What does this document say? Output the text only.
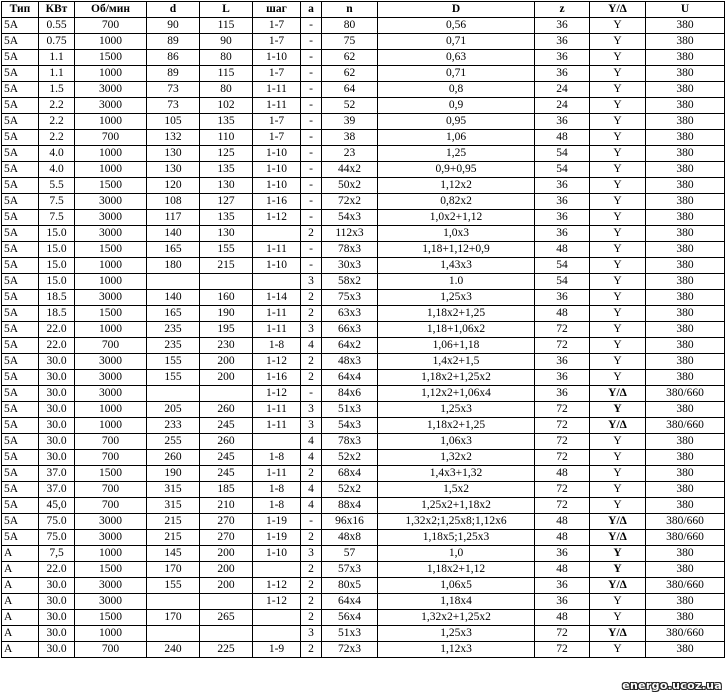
Тип	КВт	Об/мин	d	L	шаг	a	n	D	z	Y/Δ	U
5А	0.55	700	90	115	1-7	-	80	0,56	36	Y	380
5А	0.75	1000	89	90	1-7	-	75	0,71	36	Y	380
5А	1.1	1500	86	80	1-10	-	62	0,63	36	Y	380
5А	1.1	1000	89	115	1-7	-	62	0,71	36	Y	380
5А	1.5	3000	73	80	1-11	-	64	0,8	24	Y	380
5А	2.2	3000	73	102	1-11	-	52	0,9	24	Y	380
5А	2.2	1000	105	135	1-7	-	39	0,95	36	Y	380
5А	2.2	700	132	110	1-7	-	38	1,06	48	Y	380
5А	4.0	1000	130	125	1-10	-	23	1,25	54	Y	380
5А	4.0	1000	130	135	1-10	-	44x2	0,9+0,95	54	Y	380
5А	5.5	1500	120	130	1-10	-	50x2	1,12x2	36	Y	380
5А	7.5	3000	108	127	1-16	-	72x2	0,82x2	36	Y	380
5А	7.5	3000	117	135	1-12	-	54x3	1,0x2+1,12	36	Y	380
5А	15.0	3000	140	130		2	112x3	1,0x3	36	Y	380
5А	15.0	1500	165	155	1-11	-	78x3	1,18+1,12+0,9	48	Y	380
5А	15.0	1000	180	215	1-10	-	30x3	1,43x3	54	Y	380
5А	15.0	1000				3	58x2	1.0	54	Y	380
5А	18.5	3000	140	160	1-14	2	75x3	1,25x3	36	Y	380
5А	18.5	1500	165	190	1-11	2	63x3	1,18x2+1,25	48	Y	380
5А	22.0	1000	235	195	1-11	3	66x3	1,18+1,06x2	72	Y	380
5А	22.0	700	235	230	1-8	4	64x2	1,06+1,18	72	Y	380
5А	30.0	3000	155	200	1-12	2	48x3	1,4x2+1,5	36	Y	380
5А	30.0	3000	155	200	1-16	2	64x4	1,18x2+1,25x2	36	Y	380
5А	30.0	3000			1-12	-	84x6	1,12x2+1,06x4	36	Y/Δ	380/660
5А	30.0	1000	205	260	1-11	3	51x3	1,25x3	72	Y	380
5А	30.0	1000	233	245	1-11	3	54x3	1,18x2+1,25	72	Y/Δ	380/660
5А	30.0	700	255	260		4	78x3	1,06x3	72	Y	380
5А	30.0	700	260	245	1-8	4	52x2	1,32x2	72	Y	380
5А	37.0	1500	190	245	1-11	2	68x4	1,4x3+1,32	48	Y	380
5А	37.0	700	315	185	1-8	4	52x2	1,5x2	72	Y	380
5А	45,0	700	315	210	1-8	4	88x4	1,25x2+1,18x2	72	Y	380
5А	75.0	3000	215	270	1-19	-	96x16	1,32x2;1,25x8;1,12x6	48	Y/Δ	380/660
5А	75.0	3000	215	270	1-19	2	48x8	1,18x5;1,25x3	48	Y/Δ	380/660
А	7,5	1000	145	200	1-10	3	57	1,0	36	Y	380
А	22.0	1500	170	200		2	57x3	1,18x2+1,12	48	Y	380
А	30.0	3000	155	200	1-12	2	80x5	1,06x5	36	Y/Δ	380/660
А	30.0	3000			1-12	2	64x4	1,18x4	36	Y	380
А	30.0	1500	170	265		2	56x4	1,32x2+1,25x2	48	Y	380
А	30.0	1000				3	51x3	1,25x3	72	Y/Δ	380/660
А	30.0	700	240	225	1-9	2	72x3	1,12x3	72	Y	380
energo.ucoz.ua
